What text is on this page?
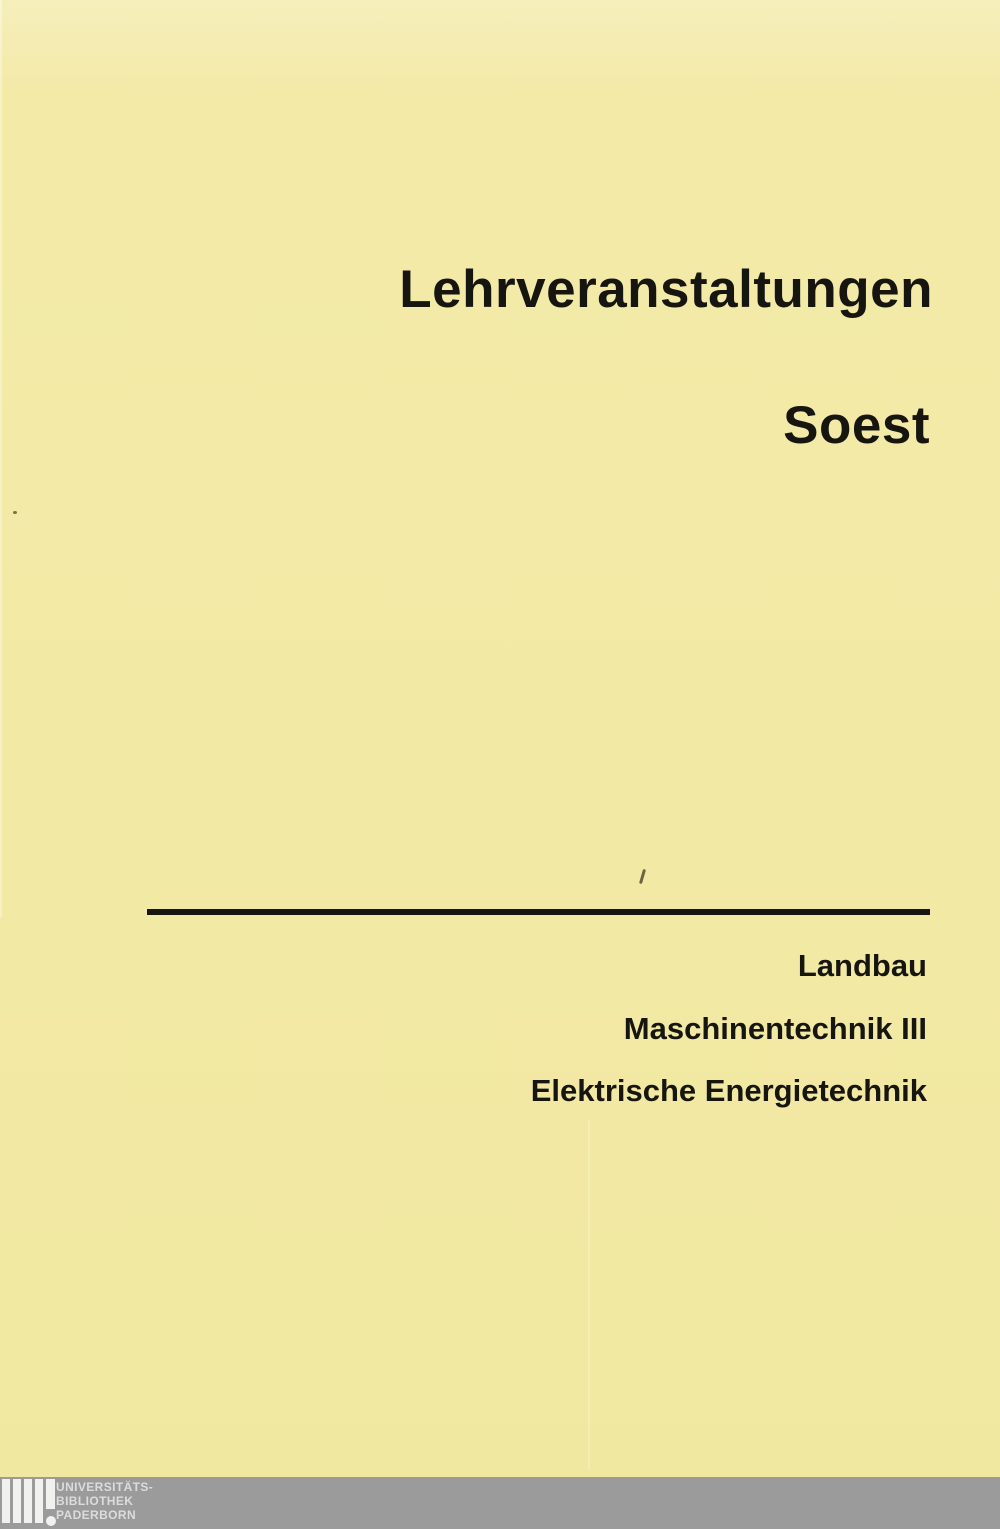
Lehrveranstaltungen
Soest
Landbau
Maschinentechnik III
Elektrische Energietechnik
UNIVERSITÄTS-
BIBLIOTHEK
PADERBORN
